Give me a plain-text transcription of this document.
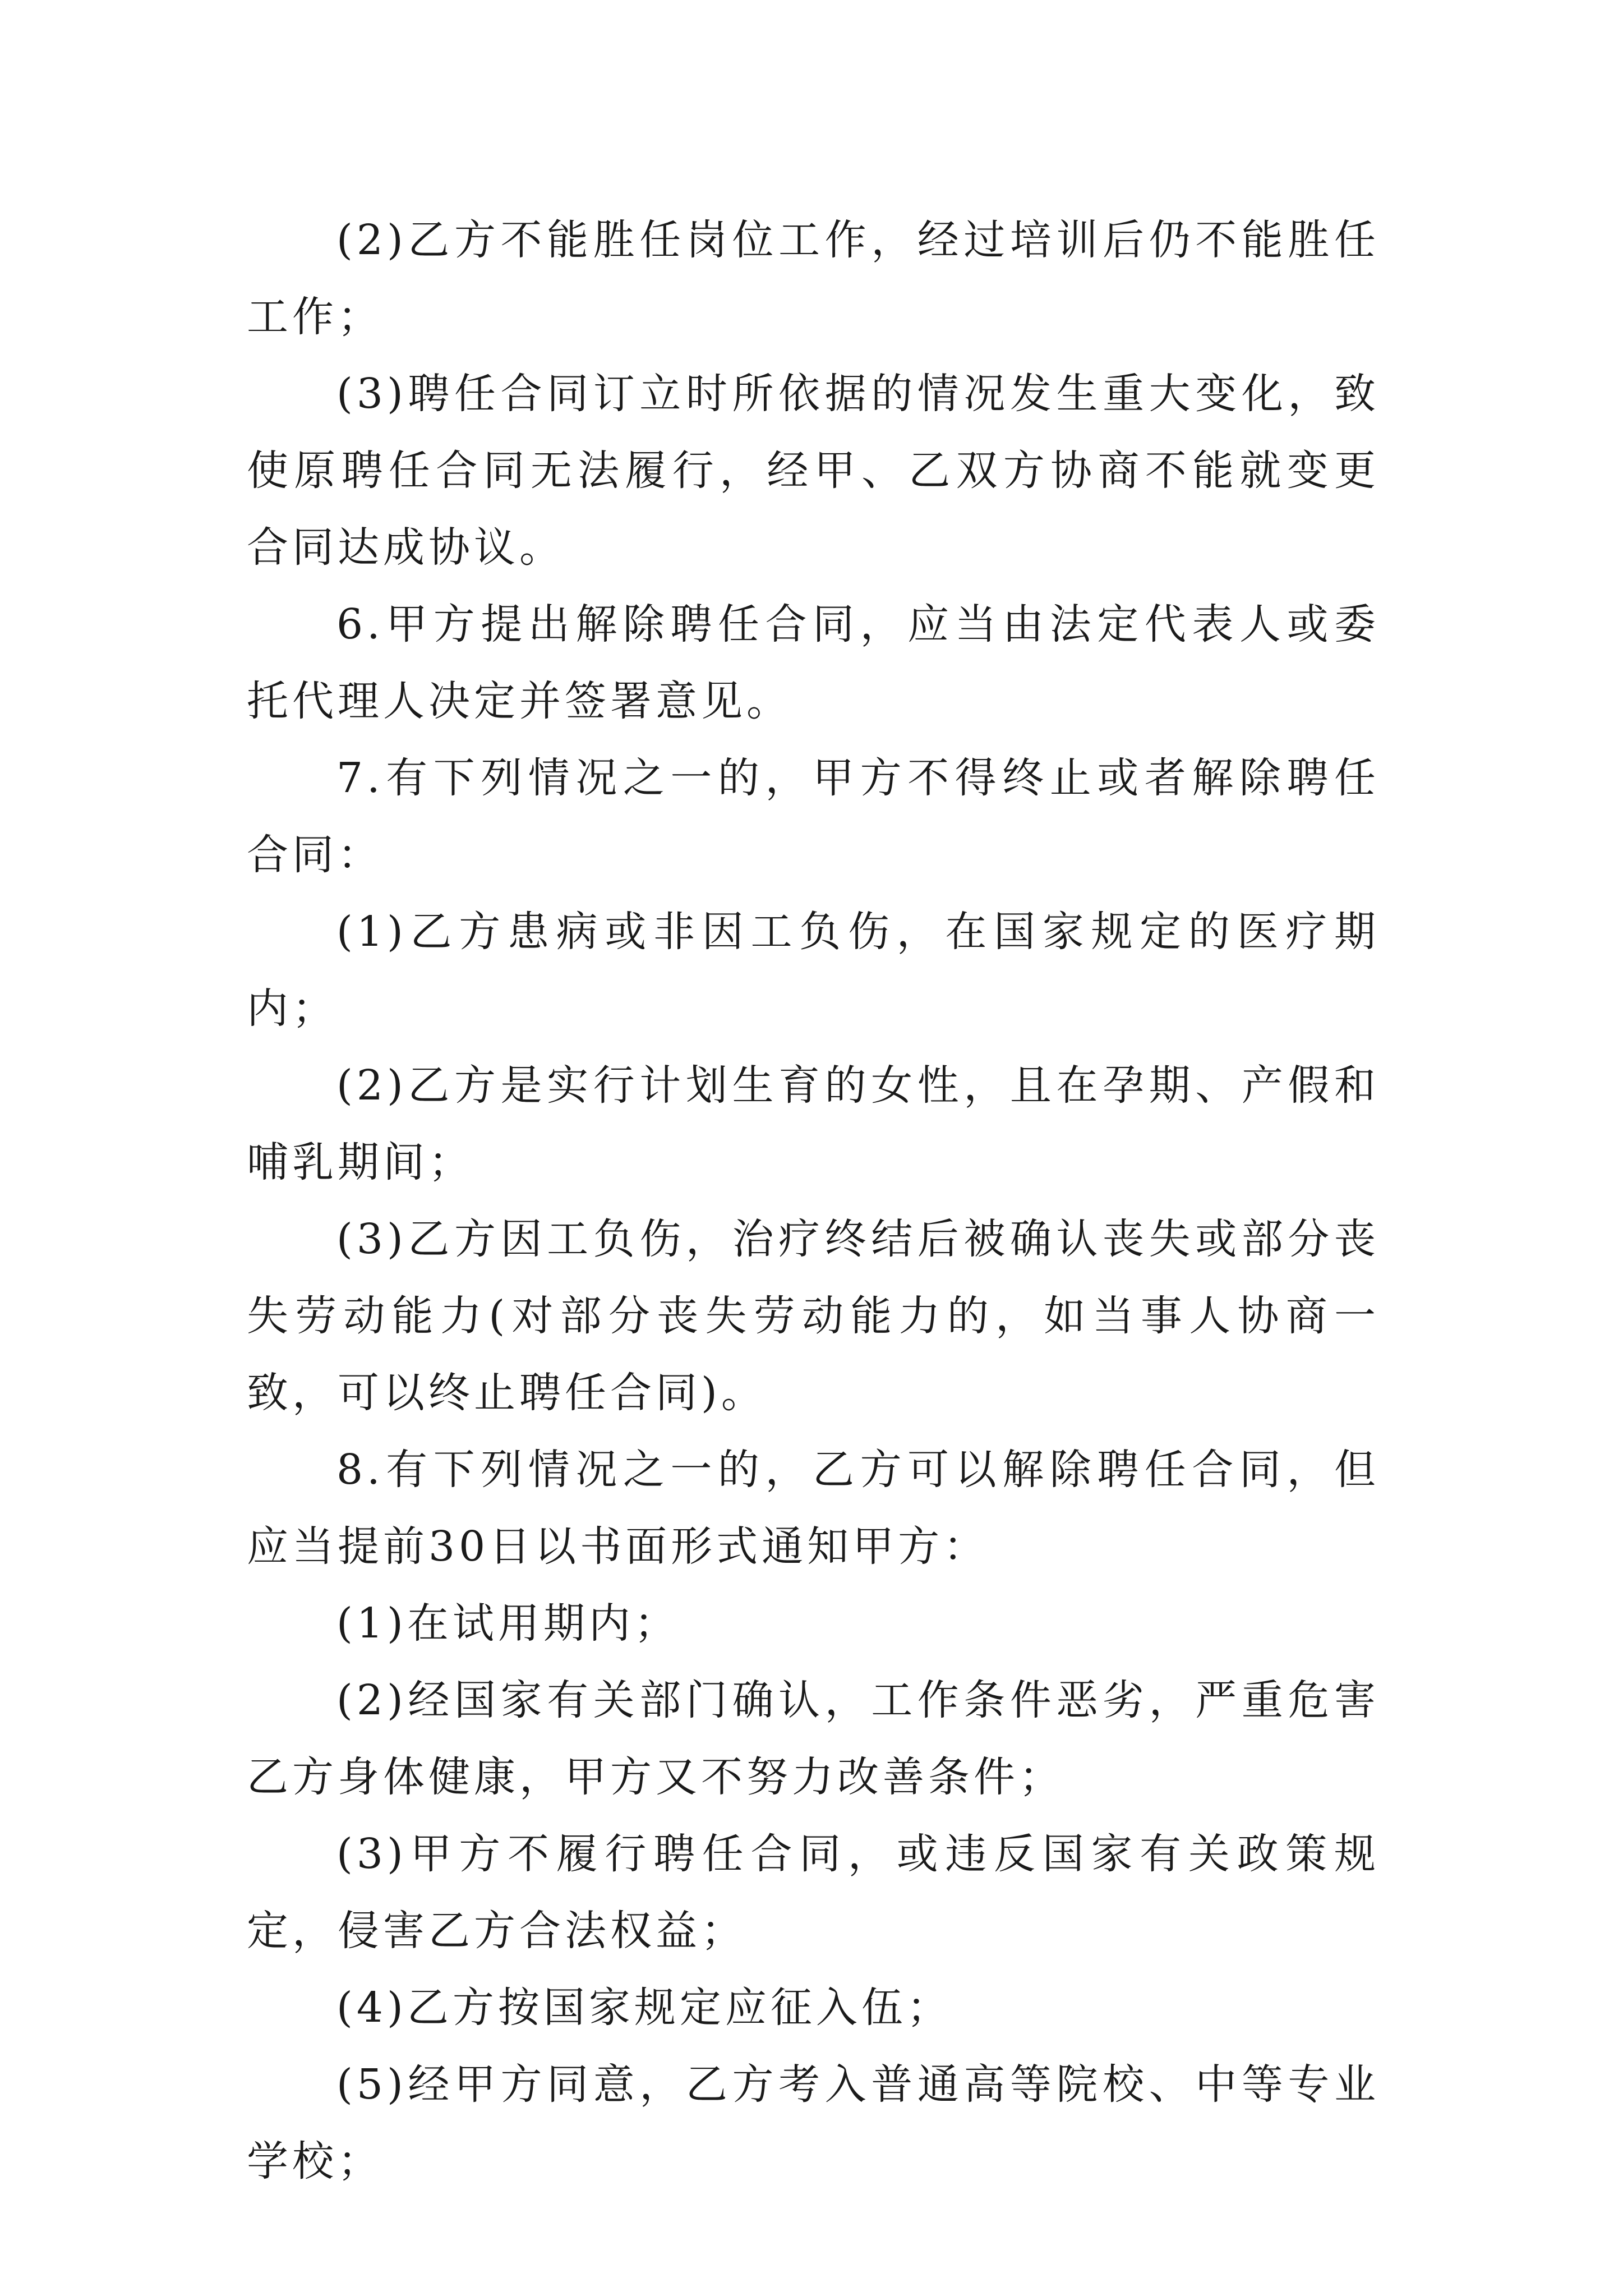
(2)乙方不能胜任岗位工作，经过培训后仍不能胜任工作；

(3)聘任合同订立时所依据的情况发生重大变化，致使原聘任合同无法履行，经甲、乙双方协商不能就变更合同达成协议。

6.甲方提出解除聘任合同，应当由法定代表人或委托代理人决定并签署意见。

7.有下列情况之一的，甲方不得终止或者解除聘任合同：

(1)乙方患病或非因工负伤，在国家规定的医疗期内；

(2)乙方是实行计划生育的女性，且在孕期、产假和哺乳期间；

(3)乙方因工负伤，治疗终结后被确认丧失或部分丧失劳动能力(对部分丧失劳动能力的，如当事人协商一致，可以终止聘任合同)。

8.有下列情况之一的，乙方可以解除聘任合同，但应当提前30日以书面形式通知甲方：

(1)在试用期内；

(2)经国家有关部门确认，工作条件恶劣，严重危害乙方身体健康，甲方又不努力改善条件；

(3)甲方不履行聘任合同，或违反国家有关政策规定，侵害乙方合法权益；

(4)乙方按国家规定应征入伍；

(5)经甲方同意，乙方考入普通高等院校、中等专业学校；
